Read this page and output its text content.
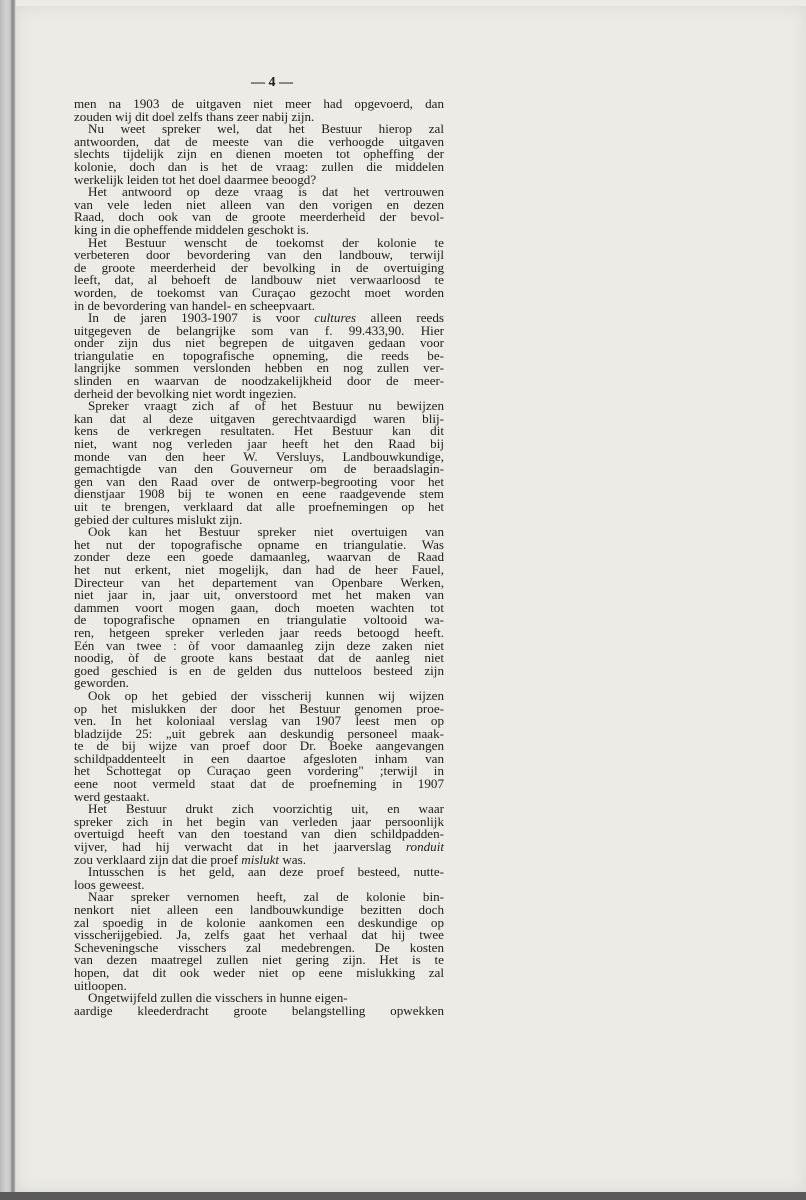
— 4 —
men na 1903 de uitgaven niet meer had opgevoerd, dan
zouden wij dit doel zelfs thans zeer nabij zijn.
Nu weet spreker wel, dat het Bestuur hierop zal
antwoorden, dat de meeste van die verhoogde uitgaven
slechts tijdelijk zijn en dienen moeten tot opheffing der
kolonie, doch dan is het de vraag: zullen die middelen
werkelijk leiden tot het doel daarmee beoogd?
Het antwoord op deze vraag is dat het vertrouwen
van vele leden niet alleen van den vorigen en dezen
Raad, doch ook van de groote meerderheid der bevol-
king in die opheffende middelen geschokt is.
Het Bestuur wenscht de toekomst der kolonie te
verbeteren door bevordering van den landbouw, terwijl
de groote meerderheid der bevolking in de overtuiging
leeft, dat, al behoeft de landbouw niet verwaarloosd te
worden, de toekomst van Curaçao gezocht moet worden
in de bevordering van handel- en scheepvaart.
In de jaren 1903-1907 is voor cultures alleen reeds
uitgegeven de belangrijke som van f. 99.433,90. Hier
onder zijn dus niet begrepen de uitgaven gedaan voor
triangulatie en topografische opneming, die reeds be-
langrijke sommen verslonden hebben en nog zullen ver-
slinden en waarvan de noodzakelijkheid door de meer-
derheid der bevolking niet wordt ingezien.
Spreker vraagt zich af of het Bestuur nu bewijzen
kan dat al deze uitgaven gerechtvaardigd waren blij-
kens de verkregen resultaten. Het Bestuur kan dit
niet, want nog verleden jaar heeft het den Raad bij
monde van den heer W. Versluys, Landbouwkundige,
gemachtigde van den Gouverneur om de beraadslagin-
gen van den Raad over de ontwerp-begrooting voor het
dienstjaar 1908 bij te wonen en eene raadgevende stem
uit te brengen, verklaard dat alle proefnemingen op het
gebied der cultures mislukt zijn.
Ook kan het Bestuur spreker niet overtuigen van
het nut der topografische opname en triangulatie. Was
zonder deze een goede damaanleg, waarvan de Raad
het nut erkent, niet mogelijk, dan had de heer Fauel,
Directeur van het departement van Openbare Werken,
niet jaar in, jaar uit, onverstoord met het maken van
dammen voort mogen gaan, doch moeten wachten tot
de topografische opnamen en triangulatie voltooid wa-
ren, hetgeen spreker verleden jaar reeds betoogd heeft.
Eén van twee : òf voor damaanleg zijn deze zaken niet
noodig, òf de groote kans bestaat dat de aanleg niet
goed geschied is en de gelden dus nutteloos besteed zijn
geworden.
Ook op het gebied der visscherij kunnen wij wijzen
op het mislukken der door het Bestuur genomen proe-
ven. In het koloniaal verslag van 1907 leest men op
bladzijde 25: „uit gebrek aan deskundig personeel maak-
te de bij wijze van proef door Dr. Boeke aangevangen
schildpaddenteelt in een daartoe afgesloten inham van
het Schottegat op Curaçao geen vordering" ;terwijl in
eene noot vermeld staat dat de proefneming in 1907
werd gestaakt.
Het Bestuur drukt zich voorzichtig uit, en waar
spreker zich in het begin van verleden jaar persoonlijk
overtuigd heeft van den toestand van dien schildpadden-
vijver, had hij verwacht dat in het jaarverslag ronduit
zou verklaard zijn dat die proef mislukt was.
Intusschen is het geld, aan deze proef besteed, nutte-
loos geweest.
Naar spreker vernomen heeft, zal de kolonie bin-
nenkort niet alleen een landbouwkundige bezitten doch
zal spoedig in de kolonie aankomen een deskundige op
visscherijgebied. Ja, zelfs gaat het verhaal dat hij twee
Scheveningsche visschers zal medebrengen. De kosten
van dezen maatregel zullen niet gering zijn. Het is te
hopen, dat dit ook weder niet op eene mislukking zal
uitloopen.
Ongetwijfeld zullen die visschers in hunne eigen-
aardige kleederdracht groote belangstelling opwekken
